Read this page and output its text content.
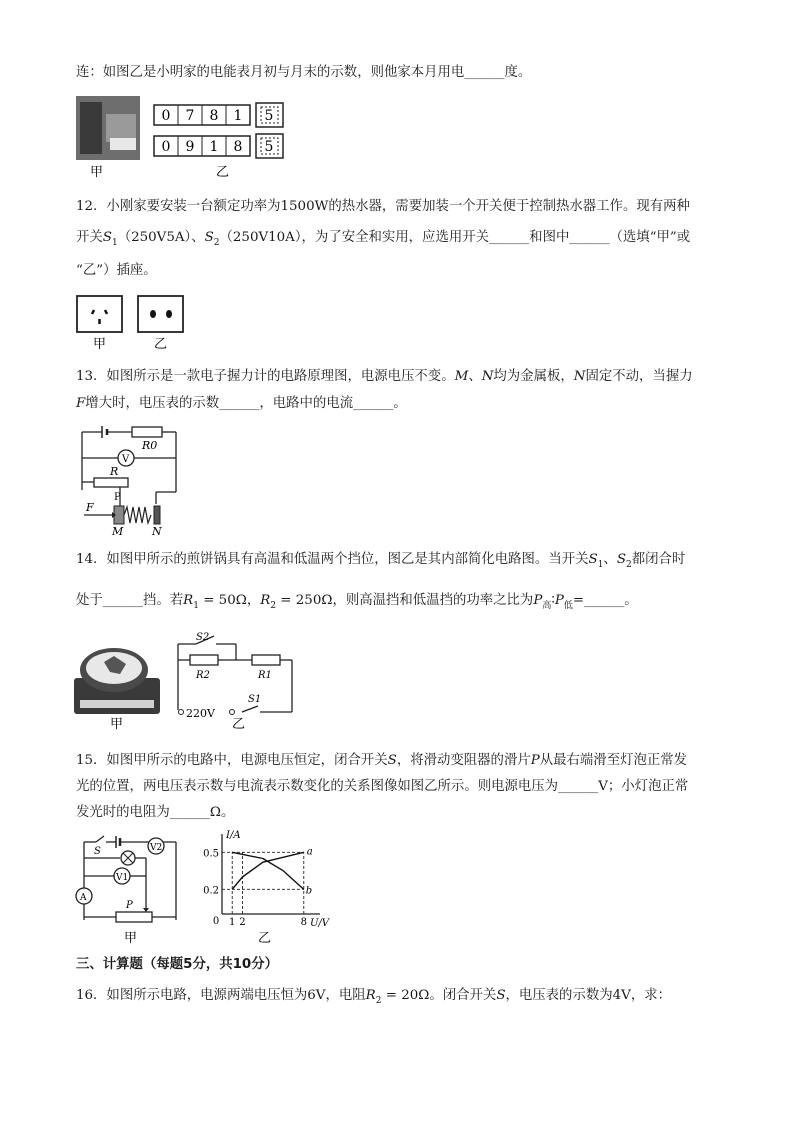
连：如图乙是小明家的电能表月初与月末的示数，则他家本月用电______度。
0 7 8 1 5
0 9 1 8 5
甲	乙
12．小刚家要安装一台额定功率为1500W的热水器，需要加装一个开关便于控制热水器工作。现有两种
开关$S_1(250V5A)$、$S_2(250V10A)$，为了安全和实用，应选用开关______和图中______（选填“甲”或
“乙”）插座。
甲	乙
13．如图所示是一款电子握力计的电路原理图，电源电压不变。M、N均为金属板，N固定不动，当握力
F增大时，电压表的示数______，电路中的电流______。
R0
V
R
P
F
M	N
14．如图甲所示的煎饼锅具有高温和低温两个挡位，图乙是其内部简化电路图。当开关$S_1$、$S_2$都闭合时
处于______挡。若$R_1 = 50\Omega$，$R_2 = 250\Omega$，则高温挡和低温挡的功率之比为$P_高∶P_低=\_\_\_\_\_\_$。
甲
S2
R2	R1
220V
S1
乙
15．如图甲所示的电路中，电源电压恒定，闭合开关S，将滑动变阻器的滑片P从最右端滑至灯泡正常发
光的位置，两电压表示数与电流表示数变化的关系图像如图乙所示。则电源电压为______V；小灯泡正常
发光时的电阻为______Ω。
S	V2
V1
A
P
甲
I/A
U/V
0.5
0.2
0 1 2	8
a
b
乙
三、计算题（每题5分，共10分）
16．如图所示电路，电源两端电压恒为6V，电阻$R_2 = 20\Omega$。闭合开关S，电压表的示数为4V，求：
